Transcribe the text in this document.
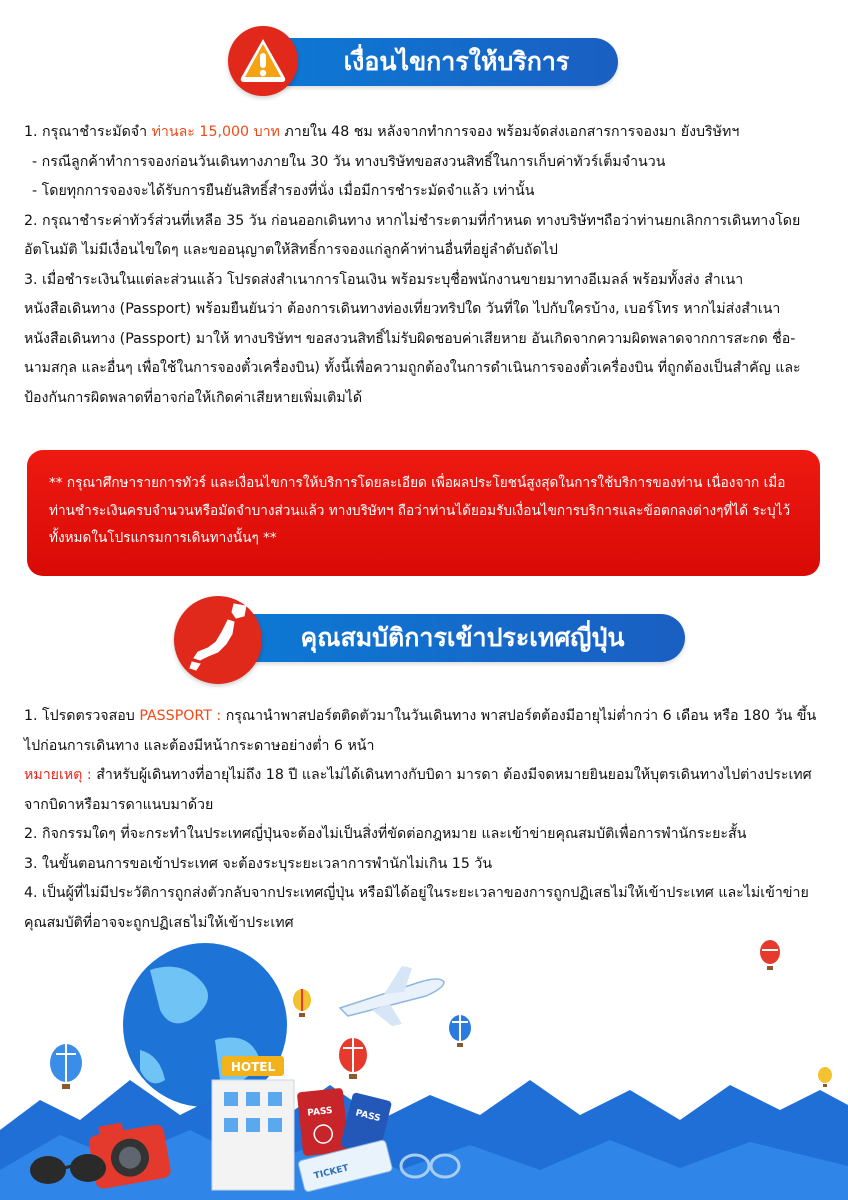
เงื่อนไขการให้บริการ

1. กรุณาชำระมัดจำ ท่านละ 15,000 บาท ภายใน 48 ชม หลังจากทำการจอง พร้อมจัดส่งเอกสารการจองมา ยังบริษัทฯ

- กรณีลูกค้าทำการจองก่อนวันเดินทางภายใน 30 วัน ทางบริษัทขอสงวนสิทธิ์ในการเก็บค่าทัวร์เต็มจำนวน

- โดยทุกการจองจะได้รับการยืนยันสิทธิ์สำรองที่นั่ง เมื่อมีการชำระมัดจำแล้ว เท่านั้น

2. กรุณาชำระค่าทัวร์ส่วนที่เหลือ 35 วัน ก่อนออกเดินทาง หากไม่ชำระตามที่กำหนด ทางบริษัทฯถือว่าท่านยกเลิกการเดินทางโดยอัตโนมัติ ไม่มีเงื่อนไขใดๆ และขออนุญาตให้สิทธิ์การจองแก่ลูกค้าท่านอื่นที่อยู่ลำดับถัดไป

3. เมื่อชำระเงินในแต่ละส่วนแล้ว โปรดส่งสำเนาการโอนเงิน พร้อมระบุชื่อพนักงานขายมาทางอีเมลล์ พร้อมทั้งส่ง สำเนาหนังสือเดินทาง (Passport) พร้อมยืนยันว่า ต้องการเดินทางท่องเที่ยวทริปใด วันที่ใด ไปกับใครบ้าง, เบอร์โทร หากไม่ส่งสำเนาหนังสือเดินทาง (Passport) มาให้ ทางบริษัทฯ ขอสงวนสิทธิ์ไม่รับผิดชอบค่าเสียหาย อันเกิดจากความผิดพลาดจากการสะกด ชื่อ-นามสกุล และอื่นๆ เพื่อใช้ในการจองตั๋วเครื่องบิน) ทั้งนี้เพื่อความถูกต้องในการดำเนินการจองตั๋วเครื่องบิน ที่ถูกต้องเป็นสำคัญ และ ป้องกันการผิดพลาดที่อาจก่อให้เกิดค่าเสียหายเพิ่มเติมได้

** กรุณาศึกษารายการทัวร์ และเงื่อนไขการให้บริการโดยละเอียด เพื่อผลประโยชน์สูงสุดในการใช้บริการของท่าน เนื่องจาก เมื่อท่านชำระเงินครบจำนวนหรือมัดจำบางส่วนแล้ว ทางบริษัทฯ ถือว่าท่านได้ยอมรับเงื่อนไขการบริการและข้อตกลงต่างๆที่ได้ ระบุไว้ทั้งหมดในโปรแกรมการเดินทางนั้นๆ **
คุณสมบัติการเข้าประเทศญี่ปุ่น

1. โปรดตรวจสอบ PASSPORT : กรุณานำพาสปอร์ตติดตัวมาในวันเดินทาง พาสปอร์ตต้องมีอายุไม่ต่ำกว่า 6 เดือน หรือ 180 วัน ขึ้นไปก่อนการเดินทาง และต้องมีหน้ากระดาษอย่างต่ำ 6 หน้า

หมายเหตุ : สำหรับผู้เดินทางที่อายุไม่ถึง 18 ปี และไม่ได้เดินทางกับบิดา มารดา ต้องมีจดหมายยินยอมให้บุตรเดินทางไปต่างประเทศจากบิดาหรือมารดาแนบมาด้วย

2. กิจกรรมใดๆ ที่จะกระทำในประเทศญี่ปุ่นจะต้องไม่เป็นสิ่งที่ขัดต่อกฎหมาย และเข้าข่ายคุณสมบัติเพื่อการพำนักระยะสั้น

3. ในขั้นตอนการขอเข้าประเทศ จะต้องระบุระยะเวลาการพำนักไม่เกิน 15 วัน

4. เป็นผู้ที่ไม่มีประวัติการถูกส่งตัวกลับจากประเทศญี่ปุ่น หรือมิได้อยู่ในระยะเวลาของการถูกปฏิเสธไม่ให้เข้าประเทศ และไม่เข้าข่ายคุณสมบัติที่อาจจะถูกปฏิเสธไม่ให้เข้าประเทศ

HOTEL
PASS PASS
TICKET
